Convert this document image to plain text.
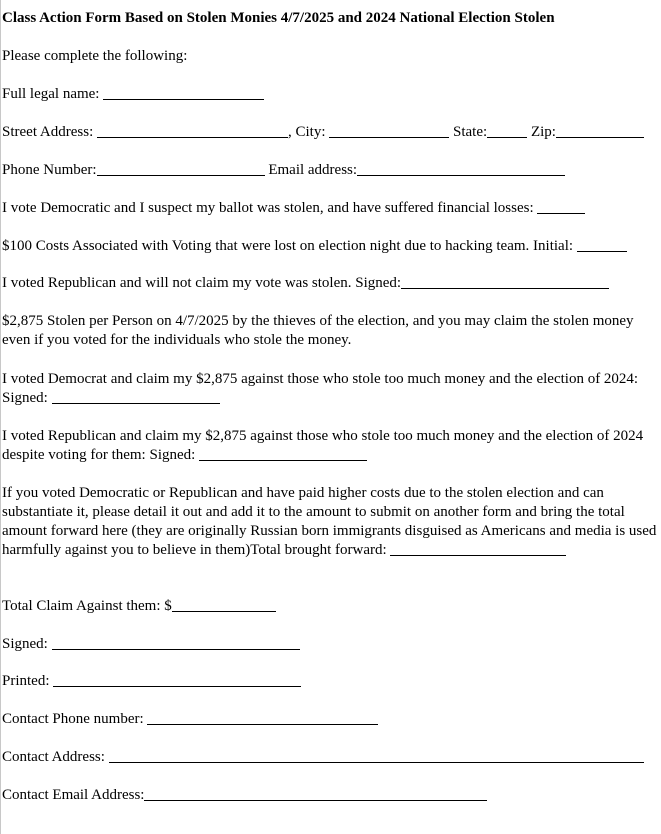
Class Action Form Based on Stolen Monies 4/7/2025 and 2024 National Election Stolen
Please complete the following:
Full legal name:
Street Address:	, City:	State:	Zip:
Phone Number:	Email address:
I vote Democratic and I suspect my ballot was stolen, and have suffered financial losses:
$100 Costs Associated with Voting that were lost on election night due to hacking team. Initial:
I voted Republican and will not claim my vote was stolen. Signed:
$2,875 Stolen per Person on 4/7/2025 by the thieves of the election, and you may claim the stolen money even if you voted for the individuals who stole the money.
I voted Democrat and claim my $2,875 against those who stole too much money and the election of 2024: Signed:
I voted Republican and claim my $2,875 against those who stole too much money and the election of 2024 despite voting for them: Signed:
If you voted Democratic or Republican and have paid higher costs due to the stolen election and can substantiate it, please detail it out and add it to the amount to submit on another form and bring the total amount forward here (they are originally Russian born immigrants disguised as Americans and media is used harmfully against you to believe in them)Total brought forward:
Total Claim Against them: $
Signed:
Printed:
Contact Phone number:
Contact Address:
Contact Email Address:
